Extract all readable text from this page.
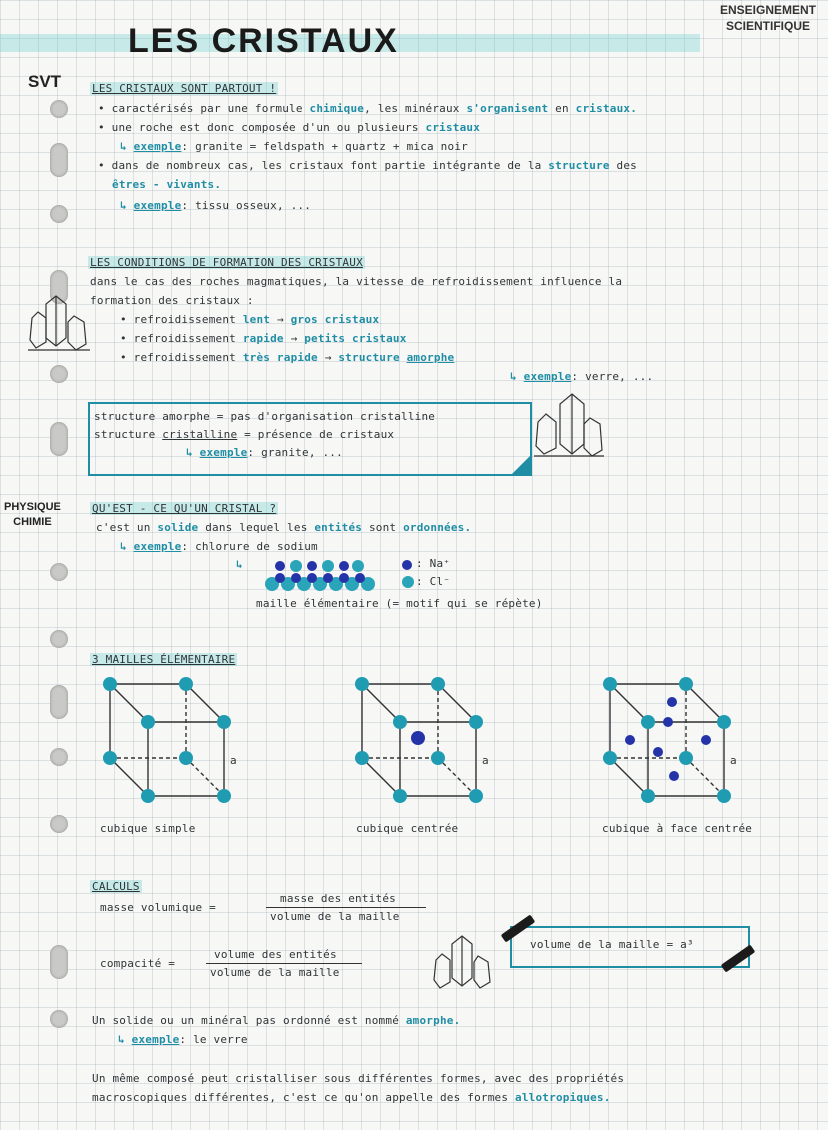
LES CRISTAUX
ENSEIGNEMENT
SCIENTIFIQUE
SVT
PHYSIQUE
CHIMIE
LES CRISTAUX SONT PARTOUT !
• caractérisés par une formule chimique, les minéraux s'organisent en cristaux.
• une roche est donc composée d'un ou plusieurs cristaux
↳ exemple: granite = feldspath + quartz + mica noir
• dans de nombreux cas, les cristaux font partie intégrante de la structure des
êtres - vivants.
↳ exemple: tissu osseux, ...
LES CONDITIONS DE FORMATION DES CRISTAUX
dans le cas des roches magmatiques, la vitesse de refroidissement influence la
formation des cristaux :
• refroidissement lent → gros cristaux
• refroidissement rapide → petits cristaux
• refroidissement très rapide → structure amorphe
↳ exemple: verre, ...
structure amorphe = pas d'organisation cristalline
structure cristalline = présence de cristaux
↳ exemple: granite, ...
QU'EST - CE QU'UN CRISTAL ?
c'est un solide dans lequel les entités sont ordonnées.
↳ exemple: chlorure de sodium
↳	: Na⁺
: Cl⁻
maille élémentaire (= motif qui se répète)
3 MAILLES ÉLÉMENTAIRE
a	a	a
cubique simple	cubique centrée	cubique à face centrée
CALCULS
masse volumique =
masse des entités
volume de la maille
compacité =
volume des entités
volume de la maille
volume de la maille = a³
Un solide ou un minéral pas ordonné est nommé amorphe.
↳ exemple: le verre
Un même composé peut cristalliser sous différentes formes, avec des propriétés
macroscopiques différentes, c'est ce qu'on appelle des formes allotropiques.
